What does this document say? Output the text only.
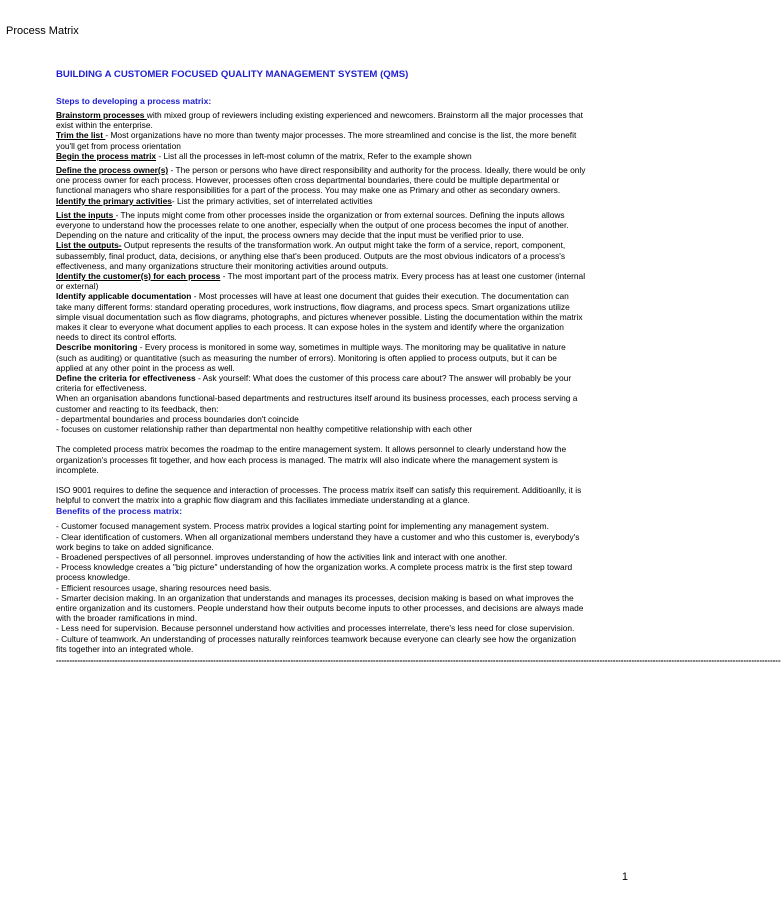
Process Matrix
BUILDING A CUSTOMER FOCUSED QUALITY MANAGEMENT SYSTEM (QMS)
Steps to developing a process matrix:

Brainstorm processes with mixed group of reviewers including existing experienced and newcomers. Brainstorm all the major processes that exist within the enterprise.

Trim the list - Most organizations have no more than twenty major processes. The more streamlined and concise is the list, the more benefit you'll get from process orientation

Begin the process matrix - List all the processes in left-most column of the matrix, Refer to the example shown

Define the process owner(s) - The person or persons who have direct responsibility and authority for the process. Ideally, there would be only one process owner for each process. However, processes often cross departmental boundaries, there could be multiple departmental or functional managers who share responsibilities for a part of the process. You may make one as Primary and other as secondary owners.

Identify the primary activities- List the primary activities, set of interrelated activities

List the inputs - The inputs might come from other processes inside the organization or from external sources. Defining the inputs allows everyone to understand how the processes relate to one another, especially when the output of one process becomes the input of another. Depending on the nature and criticality of the input, the process owners may decide that the input must be verified prior to use.

List the outputs- Output represents the results of the transformation work. An output might take the form of a service, report, component, subassembly, final product, data, decisions, or anything else that's been produced. Outputs are the most obvious indicators of a process's effectiveness, and many organizations structure their monitoring activities around outputs.

Identify the customer(s) for each process - The most important part of the process matrix. Every process has at least one customer (internal or external)

Identify applicable documentation - Most processes will have at least one document that guides their execution. The documentation can take many different forms: standard operating procedures, work instructions, flow diagrams, and process specs. Smart organizations utilize simple visual documentation such as flow diagrams, photographs, and pictures whenever possible. Listing the documentation within the matrix makes it clear to everyone what document applies to each process. It can expose holes in the system and identify where the organization needs to direct its control efforts.

Describe monitoring - Every process is monitored in some way, sometimes in multiple ways. The monitoring may be qualitative in nature (such as auditing) or quantitative (such as measuring the number of errors). Monitoring is often applied to process outputs, but it can be applied at any other point in the process as well.

Define the criteria for effectiveness - Ask yourself: What does the customer of this process care about? The answer will probably be your criteria for effectiveness.

When an organisation abandons functional-based departments and restructures itself around its business processes, each process serving a customer and reacting to its feedback, then:

- departmental boundaries and process boundaries don't coincide

- focuses on customer relationship rather than departmental non healthy competitive relationship with each other

The completed process matrix becomes the roadmap to the entire management system. It allows personnel to clearly understand how the organization's processes fit together, and how each process is managed. The matrix will also indicate where the management system is incomplete.

ISO 9001 requires to define the sequence and interaction of processes. The process matrix itself can satisfy this requirement. Additioanlly, it is helpful to convert the matrix into a graphic flow diagram and this faciliates immediate understanding at a glance.

Benefits of the process matrix:

- Customer focused management system. Process matrix provides a logical starting point for implementing any management system.

- Clear identification of customers. When all organizational members understand they have a customer and who this customer is, everybody's work begins to take on added significance.

- Broadened perspectives of all personnel. improves understanding of how the activities link and interact with one another.

- Process knowledge creates a "big picture" understanding of how the organization works. A complete process matrix is the first step toward process knowledge.

- Efficient resources usage, sharing resources need basis.

- Smarter decision making. In an organization that understands and manages its processes, decision making is based on what improves the entire organization and its customers. People understand how their outputs become inputs to other processes, and decisions are always made with the broader ramifications in mind.

- Less need for supervision. Because personnel understand how activities and processes interrelate, there's less need for close supervision.

- Culture of teamwork. An understanding of processes naturally reinforces teamwork because everyone can clearly see how the organization fits together into an integrated whole.

--------------------------------------------------------------------------------------------------------------------------------------------------------------------------------------------------------------------------------------------------------------------------------
1
